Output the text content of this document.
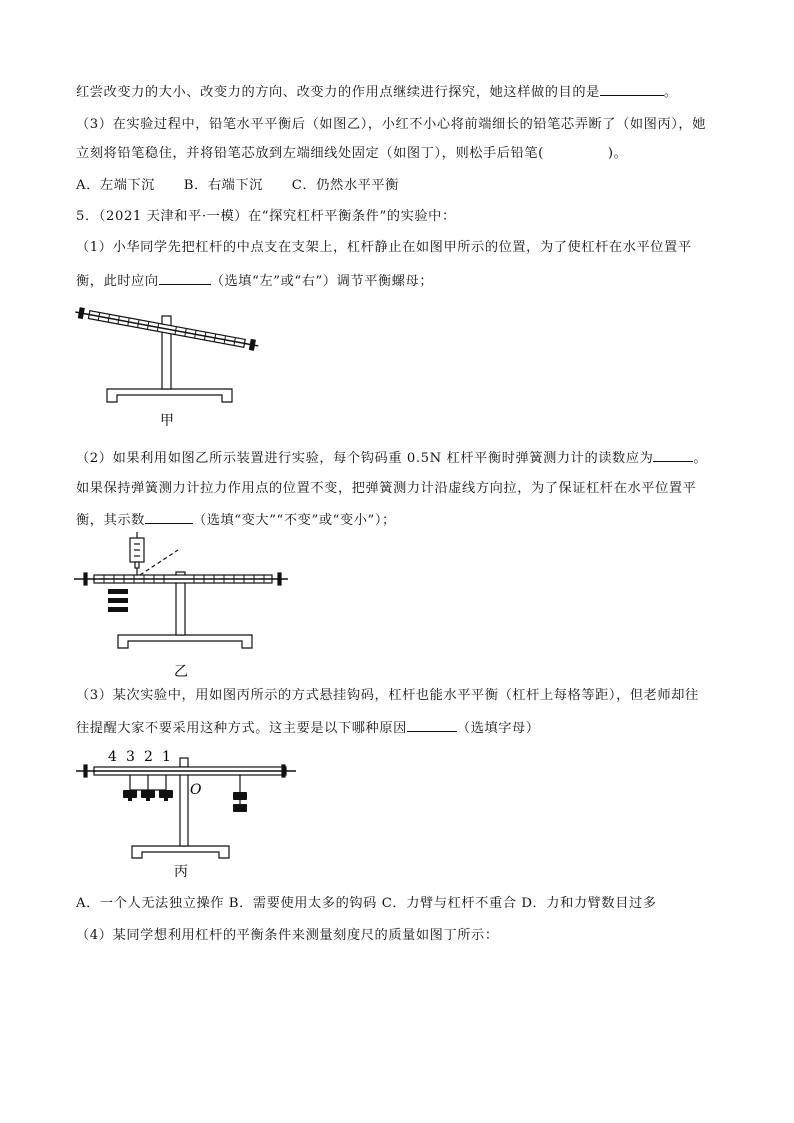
红尝改变力的大小、改变力的方向、改变力的作用点继续进行探究，她这样做的目的是	。
（3）在实验过程中，铅笔水平平衡后（如图乙），小红不小心将前端细长的铅笔芯弄断了（如图丙），她
立刻将铅笔稳住，并将铅笔芯放到左端细线处固定（如图丁），则松手后铅笔(	)。
A．左端下沉      B．右端下沉      C．仍然水平平衡
5．（2021 天津和平·一模）在“探究杠杆平衡条件”的实验中：
（1）小华同学先把杠杆的中点支在支架上，杠杆静止在如图甲所示的位置，为了使杠杆在水平位置平
衡，此时应向	（选填“左”或“右”）调节平衡螺母；
甲
（2）如果利用如图乙所示装置进行实验，每个钩码重 0.5N 杠杆平衡时弹簧测力计的读数应为	。
如果保持弹簧测力计拉力作用点的位置不变，把弹簧测力计沿虚线方向拉，为了保证杠杆在水平位置平
衡，其示数	（选填“变大”“不变”或“变小”）；
乙
（3）某次实验中，用如图丙所示的方式悬挂钩码，杠杆也能水平平衡（杠杆上每格等距），但老师却往
往提醒大家不要采用这种方式。这主要是以下哪种原因	（选填字母）
4 3 2 1
O
丙
A．一个人无法独立操作 B．需要使用太多的钩码 C．力臂与杠杆不重合 D．力和力臂数目过多
（4）某同学想利用杠杆的平衡条件来测量刻度尺的质量如图丁所示：
